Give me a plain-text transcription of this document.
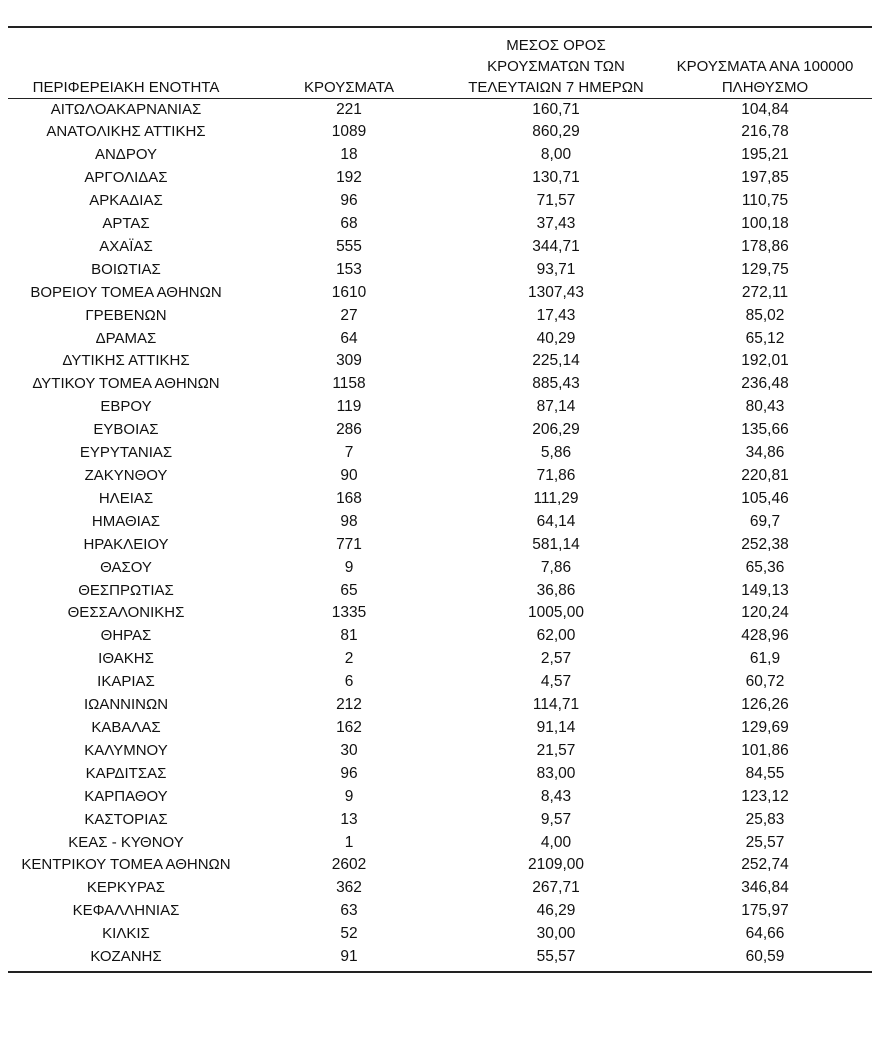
ΠΕΡΙΦΕΡΕΙΑΚΗ ΕΝΟΤΗΤΑ	ΚΡΟΥΣΜΑΤΑ	ΜΕΣΟΣ ΟΡΟΣ
ΚΡΟΥΣΜΑΤΩΝ ΤΩΝ
ΤΕΛΕΥΤΑΙΩΝ 7 ΗΜΕΡΩΝ	ΚΡΟΥΣΜΑΤΑ ΑΝΑ 100000
ΠΛΗΘΥΣΜΟ

ΑΙΤΩΛΟΑΚΑΡΝΑΝΙΑΣ	221	160,71	104,84
ΑΝΑΤΟΛΙΚΗΣ ΑΤΤΙΚΗΣ	1089	860,29	216,78
ΑΝΔΡΟΥ	18	8,00	195,21
ΑΡΓΟΛΙΔΑΣ	192	130,71	197,85
ΑΡΚΑΔΙΑΣ	96	71,57	110,75
ΑΡΤΑΣ	68	37,43	100,18
ΑΧΑΪΑΣ	555	344,71	178,86
ΒΟΙΩΤΙΑΣ	153	93,71	129,75
ΒΟΡΕΙΟΥ ΤΟΜΕΑ ΑΘΗΝΩΝ	1610	1307,43	272,11
ΓΡΕΒΕΝΩΝ	27	17,43	85,02
ΔΡΑΜΑΣ	64	40,29	65,12
ΔΥΤΙΚΗΣ ΑΤΤΙΚΗΣ	309	225,14	192,01
ΔΥΤΙΚΟΥ ΤΟΜΕΑ ΑΘΗΝΩΝ	1158	885,43	236,48
ΕΒΡΟΥ	119	87,14	80,43
ΕΥΒΟΙΑΣ	286	206,29	135,66
ΕΥΡΥΤΑΝΙΑΣ	7	5,86	34,86
ΖΑΚΥΝΘΟΥ	90	71,86	220,81
ΗΛΕΙΑΣ	168	111,29	105,46
ΗΜΑΘΙΑΣ	98	64,14	69,7
ΗΡΑΚΛΕΙΟΥ	771	581,14	252,38
ΘΑΣΟΥ	9	7,86	65,36
ΘΕΣΠΡΩΤΙΑΣ	65	36,86	149,13
ΘΕΣΣΑΛΟΝΙΚΗΣ	1335	1005,00	120,24
ΘΗΡΑΣ	81	62,00	428,96
ΙΘΑΚΗΣ	2	2,57	61,9
ΙΚΑΡΙΑΣ	6	4,57	60,72
ΙΩΑΝΝΙΝΩΝ	212	114,71	126,26
ΚΑΒΑΛΑΣ	162	91,14	129,69
ΚΑΛΥΜΝΟΥ	30	21,57	101,86
ΚΑΡΔΙΤΣΑΣ	96	83,00	84,55
ΚΑΡΠΑΘΟΥ	9	8,43	123,12
ΚΑΣΤΟΡΙΑΣ	13	9,57	25,83
ΚΕΑΣ - ΚΥΘΝΟΥ	1	4,00	25,57
ΚΕΝΤΡΙΚΟΥ ΤΟΜΕΑ ΑΘΗΝΩΝ	2602	2109,00	252,74
ΚΕΡΚΥΡΑΣ	362	267,71	346,84
ΚΕΦΑΛΛΗΝΙΑΣ	63	46,29	175,97
ΚΙΛΚΙΣ	52	30,00	64,66
ΚΟΖΑΝΗΣ	91	55,57	60,59
